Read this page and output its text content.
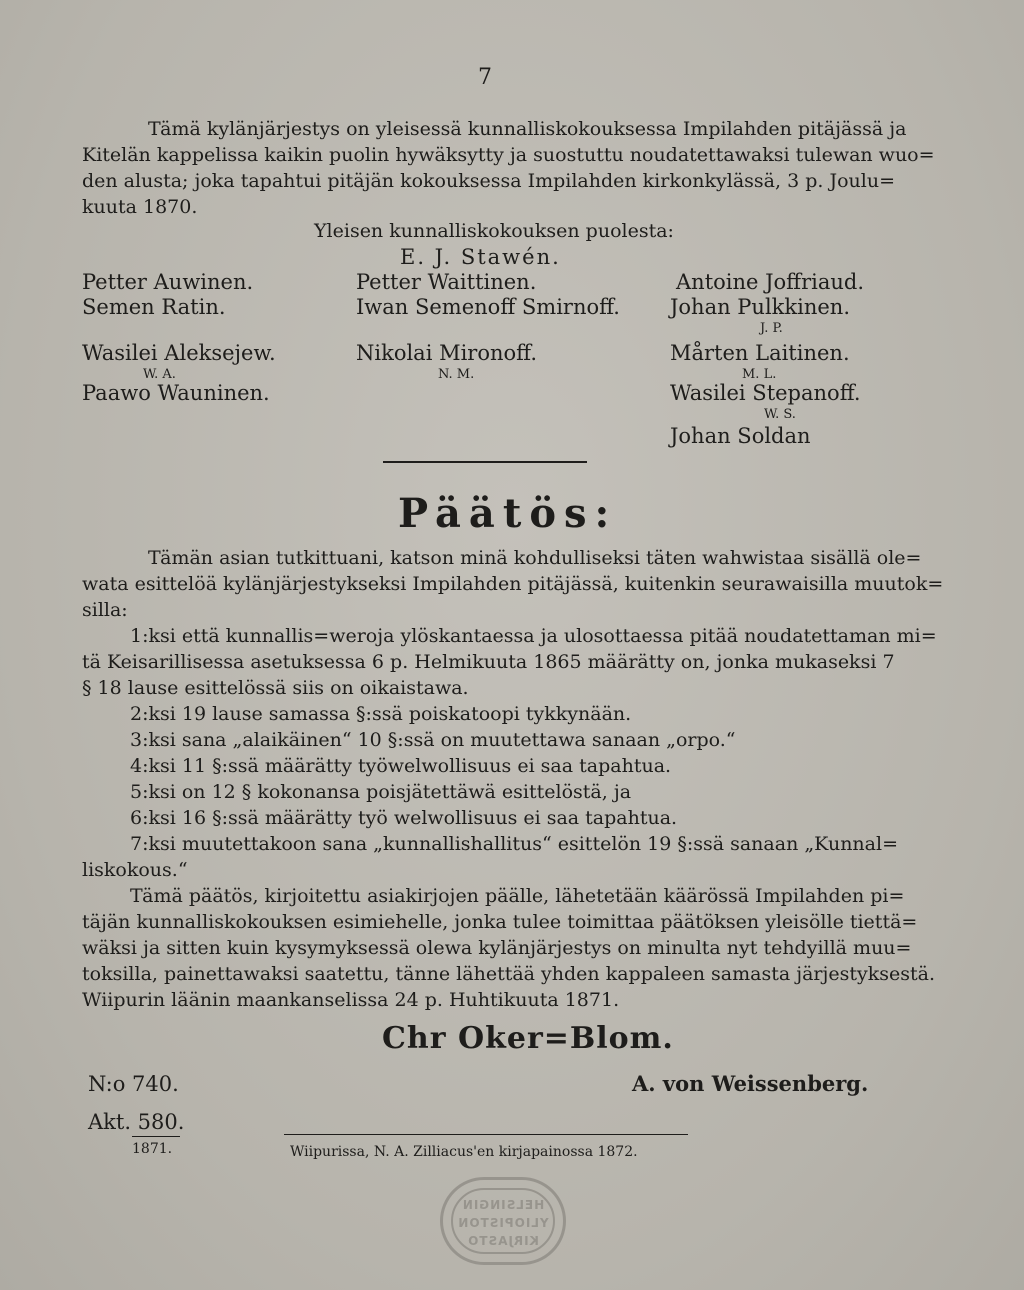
7
Tämä kylänjärjestys on yleisessä kunnalliskokouksessa Impilahden pitäjässä ja
Kitelän kappelissa kaikin puolin hywäksytty ja suostuttu noudatettawaksi tulewan wuo=
den alusta; joka tapahtui pitäjän kokouksessa Impilahden kirkonkylässä, 3 p. Joulu=
kuuta 1870.
Yleisen kunnalliskokouksen puolesta:
E. J. Stawén.
Petter Auwinen.
Semen Ratin.
Wasilei Aleksejew.
W. A.
Paawo Wauninen.
Petter Waittinen.
Iwan Semenoff Smirnoff.
Nikolai Mironoff.
N. M.
Antoine Joffriaud.
Johan Pulkkinen.
J. P.
Mårten Laitinen.
M. L.
Wasilei Stepanoff.
W. S.
Johan Soldan
Päätös:
Tämän asian tutkittuani, katson minä kohdulliseksi täten wahwistaa sisällä ole=
wata esittelöä kylänjärjestykseksi Impilahden pitäjässä, kuitenkin seurawaisilla muutok=
silla:
1:ksi että kunnallis=weroja ylöskantaessa ja ulosottaessa pitää noudatettaman mi=
tä Keisarillisessa asetuksessa 6 p. Helmikuuta 1865 määrätty on, jonka mukaseksi 7
§ 18 lause esittelössä siis on oikaistawa.
2:ksi 19 lause samassa §:ssä poiskatoopi tykkynään.
3:ksi sana „alaikäinen“ 10 §:ssä on muutettawa sanaan „orpo.“
4:ksi 11 §:ssä määrätty työwelwollisuus ei saa tapahtua.
5:ksi on 12 § kokonansa poisjätettäwä esittelöstä, ja
6:ksi 16 §:ssä määrätty työ welwollisuus ei saa tapahtua.
7:ksi muutettakoon sana „kunnallishallitus“ esittelön 19 §:ssä sanaan „Kunnal=
liskokous.“
Tämä päätös, kirjoitettu asiakirjojen päälle, lähetetään käärössä Impilahden pi=
täjän kunnalliskokouksen esimiehelle, jonka tulee toimittaa päätöksen yleisölle tiettä=
wäksi ja sitten kuin kysymyksessä olewa kylänjärjestys on minulta nyt tehdyillä muu=
toksilla, painettawaksi saatettu, tänne lähettää yhden kappaleen samasta järjestyksestä.
Wiipurin läänin maankanselissa 24 p. Huhtikuuta 1871.
Chr Oker=Blom.
N:o 740.	A. von Weissenberg.
Akt. 580.
1871.	Wiipurissa, N. A. Zilliacus'en kirjapainossa 1872.
HELSINGIN
YLIOPISTON
KIRJASTO
